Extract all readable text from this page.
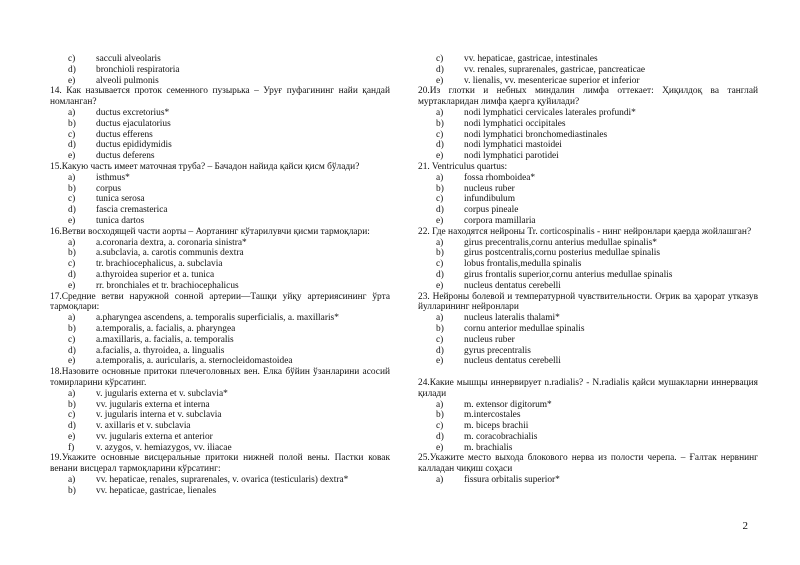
c)	sacculi alveolaris
d)	bronchioli respiratoria
e)	alveoli pulmonis
14. Как называется проток семенного пузырька – Уруғ пуфагининг найи қандай номланган?
a)	ductus excretorius*
b)	ductus ejaculatorius
c)	ductus efferens
d)	ductus epididymidis
e)	ductus deferens
15.Какую часть имеет маточная труба? – Бачадон найида қайси қисм бўлади?
a)	isthmus*
b)	corpus
c)	tunica serosa
d)	fascia cremasterica
e)	tunica dartos
16.Ветви восходящей части аорты – Аортанинг кўтарилувчи қисми тармоқлари:
a)	a.coronaria dextra, a. coronaria sinistra*
b)	a.subclavia, a. carotis communis dextra
c)	tr. brachiocephalicus, a. subclavia
d)	a.thyroidea superior et a. tunica
e)	rr. bronchiales et tr. brachiocephalicus
17.Средние ветви наружной сонной артерии—Ташқи уйқу артериясининг ўрта тармоқлари:
a)	a.pharyngea ascendens, a. temporalis superficialis, a. maxillaris*
b)	a.temporalis, a. facialis, a. pharyngea
c)	a.maxillaris, a. facialis, a. temporalis
d)	a.facialis, a. thyroidea, a. lingualis
e)	a.temporalis, a. auricularis, a. sternocleidomastoidea
18.Назовите основные притоки плечеголовных вен. Елка бўйин ўзанларини асосий томирларини кўрсатинг.
a)	v. jugularis externa et v. subclavia*
b)	vv. jugularis externa et interna
c)	v. jugularis interna et v. subclavia
d)	v. axillaris et v. subclavia
e)	vv. jugularis externa et anterior
f)	v. azygos, v. hemiazygos, vv. iliacae
19.Укажите основные висцеральные притоки нижней полой вены. Пастки ковак венани висцерал тармоқларини кўрсатинг:
a)	vv. hepaticae, renales, suprarenales, v. ovarica (testicularis) dextra*
b)	vv. hepaticae, gastricae, lienales
c)	vv. hepaticae, gastricae, intestinales
d)	vv. renales, suprarenales, gastricae, pancreaticae
e)	v. lienalis, vv. mesentericae superior et inferior
20.Из глотки и небных миндалин лимфа оттекает: Ҳиқилдоқ ва танглай муртакларидан лимфа қаерга қуйилади?
a)	nodi lymphatici cervicales laterales profundi*
b)	nodi lymphatici occipitales
c)	nodi lymphatici bronchomediastinales
d)	nodi lymphatici mastoidei
e)	nodi lymphatici parotidei
21. Ventriculus quartus:
a)	fossa rhomboidea*
b)	nucleus ruber
c)	infundibulum
d)	corpus pineale
e)	corpora mamillaria
22. Где находятся нейроны Tr. corticospinalis - нинг нейронлари қаерда жойлашган?
a)	girus precentralis,cornu anterius medullae spinalis*
b)	girus postcentralis,cornu posterius medullae spinalis
c)	lobus frontalis,medulla spinalis
d)	girus frontalis superior,cornu anterius medullae spinalis
e)	nucleus dentatus cerebelli
23. Нейроны болевой и температурной чувствительности. Оғрик ва ҳарорат утказув йулларининг нейронлари
a)	nucleus lateralis thalami*
b)	cornu anterior medullae spinalis
c)	nucleus ruber
d)	gyrus precentralis
e)	nucleus dentatus cerebelli
24.Какие мышцы иннервирует n.radialis? - N.radialis қайси мушакларни иннервация қилади
a)	m. extensor digitorum*
b)	m.intercostales
c)	m. biceps brachii
d)	m. coracobrachialis
e)	m. brachialis
25.Укажите место выхода блокового нерва из полости черепа. – Ғалтак нервнинг калладан чиқиш соҳаси
a)	fissura orbitalis superior*
2
